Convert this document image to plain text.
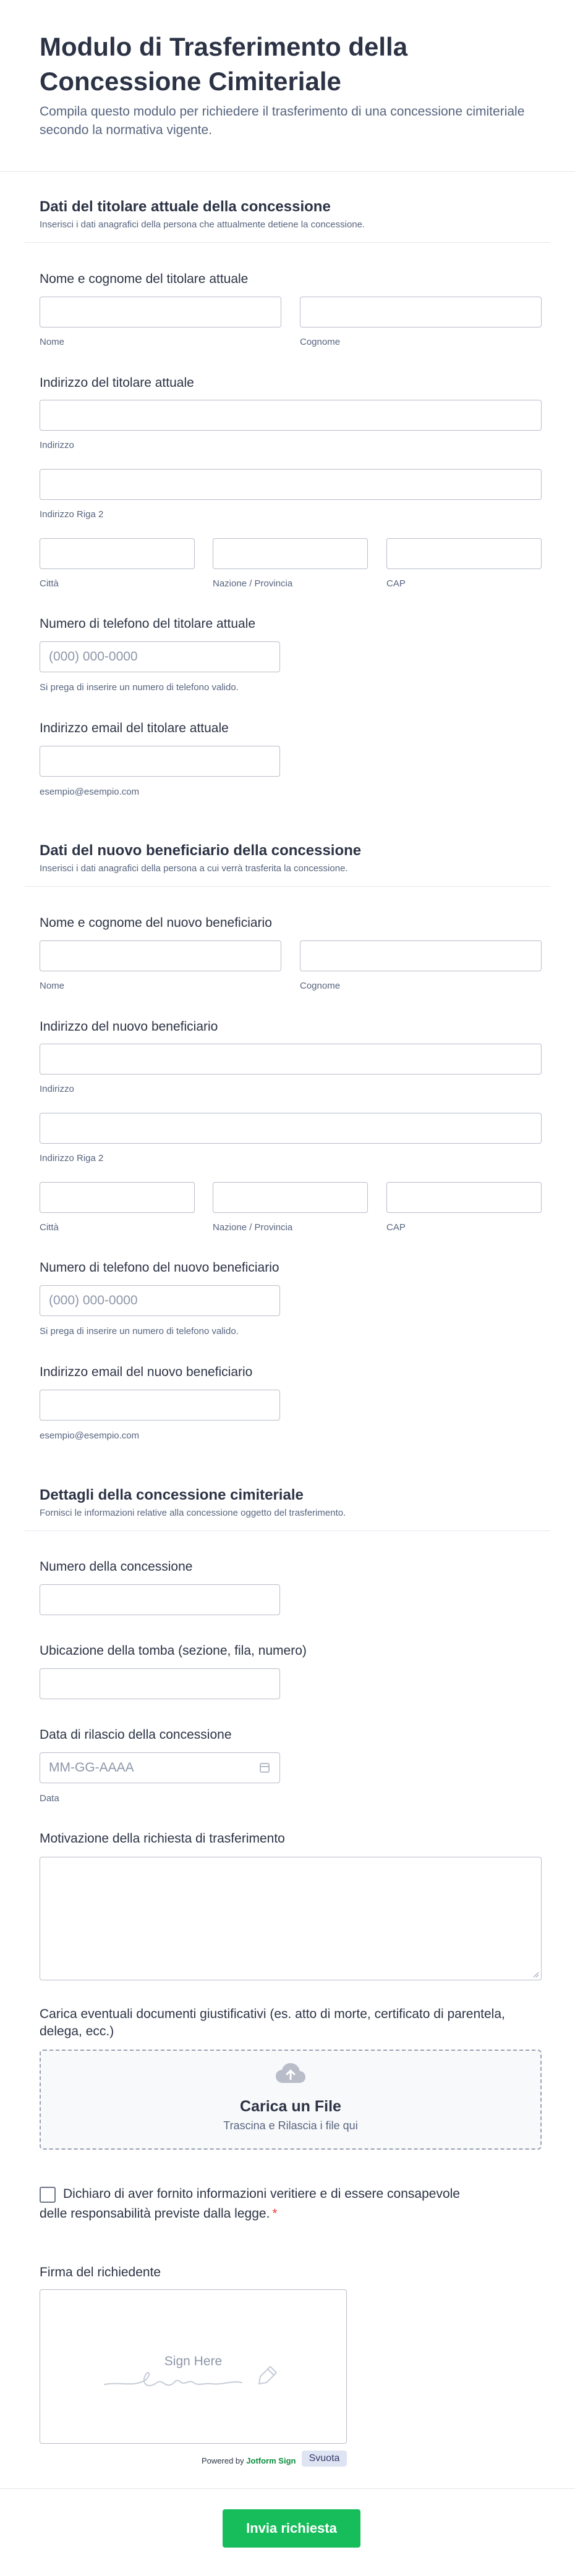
Modulo di Trasferimento della Concessione Cimiteriale
Compila questo modulo per richiedere il trasferimento di una concessione cimiteriale secondo la normativa vigente.
Dati del titolare attuale della concessione
Inserisci i dati anagrafici della persona che attualmente detiene la concessione.
Nome e cognome del titolare attuale
Nome	Cognome
Indirizzo del titolare attuale
Indirizzo
Indirizzo Riga 2
Città	Nazione / Provincia	CAP
Numero di telefono del titolare attuale
(000) 000-0000
Si prega di inserire un numero di telefono valido.
Indirizzo email del titolare attuale
esempio@esempio.com
Dati del nuovo beneficiario della concessione
Inserisci i dati anagrafici della persona a cui verrà trasferita la concessione.
Nome e cognome del nuovo beneficiario
Nome	Cognome
Indirizzo del nuovo beneficiario
Indirizzo
Indirizzo Riga 2
Città	Nazione / Provincia	CAP
Numero di telefono del nuovo beneficiario
(000) 000-0000
Si prega di inserire un numero di telefono valido.
Indirizzo email del nuovo beneficiario
esempio@esempio.com
Dettagli della concessione cimiteriale
Fornisci le informazioni relative alla concessione oggetto del trasferimento.
Numero della concessione
Ubicazione della tomba (sezione, fila, numero)
Data di rilascio della concessione
MM-GG-AAAA
Data
Motivazione della richiesta di trasferimento
Carica eventuali documenti giustificativi (es. atto di morte, certificato di parentela, delega, ecc.)
Carica un File
Trascina e Rilascia i file qui
Dichiaro di aver fornito informazioni veritiere e di essere consapevole delle responsabilità previste dalla legge. *
Firma del richiedente
Sign Here
Powered by Jotform Sign	Svuota
Invia richiesta
